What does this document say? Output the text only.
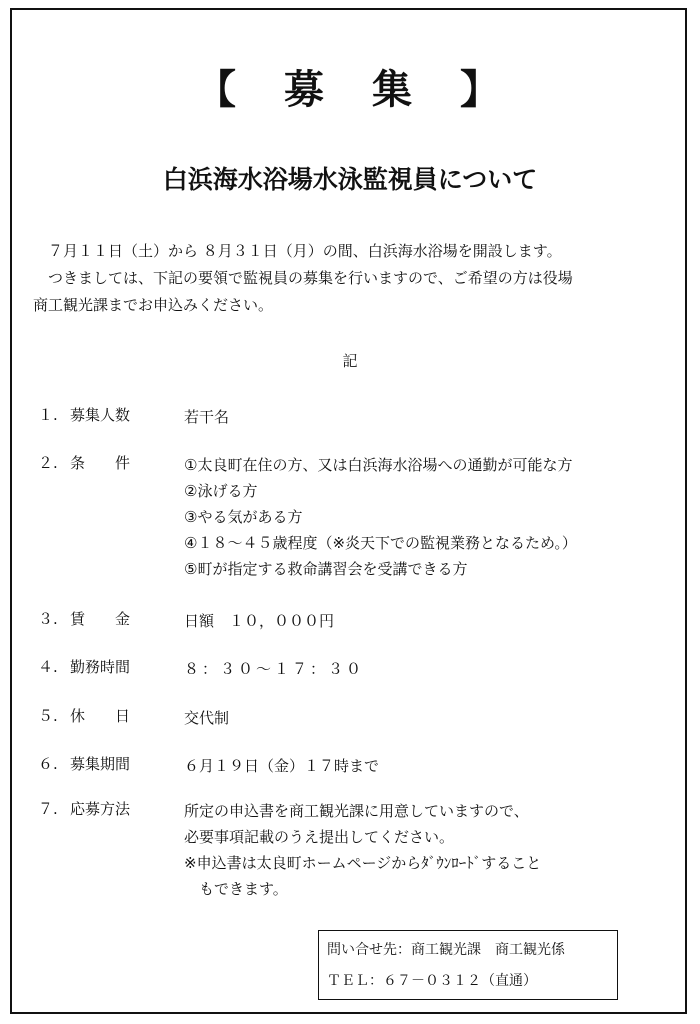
【　募　集　】
白浜海水浴場水泳監視員について
　７月１１日（土）から ８月３１日（月）の間、白浜海水浴場を開設します。
　つきましては、下記の要領で監視員の募集を行いますので、ご希望の方は役場
商工観光課までお申込みください。
記
１. 募集人数	若干名
２. 条　　件	①太良町在住の方、又は白浜海水浴場への通勤が可能な方
②泳げる方
③やる気がある方
④１８～４５歳程度（※炎天下での監視業務となるため。）
⑤町が指定する救命講習会を受講できる方
３. 賃　　金	日額　１０，０００円
４. 勤務時間	８：３０～１７：３０
５. 休　　日	交代制
６. 募集期間	６月１９日（金）１７時まで
７. 応募方法	所定の申込書を商工観光課に用意していますので、
必要事項記載のうえ提出してください。
※申込書は太良町ホームページからﾀﾞｳﾝﾛｰﾄﾞすること
　もできます。
問い合せ先：商工観光課　商工観光係
ＴＥＬ：６７－０３１２（直通）
